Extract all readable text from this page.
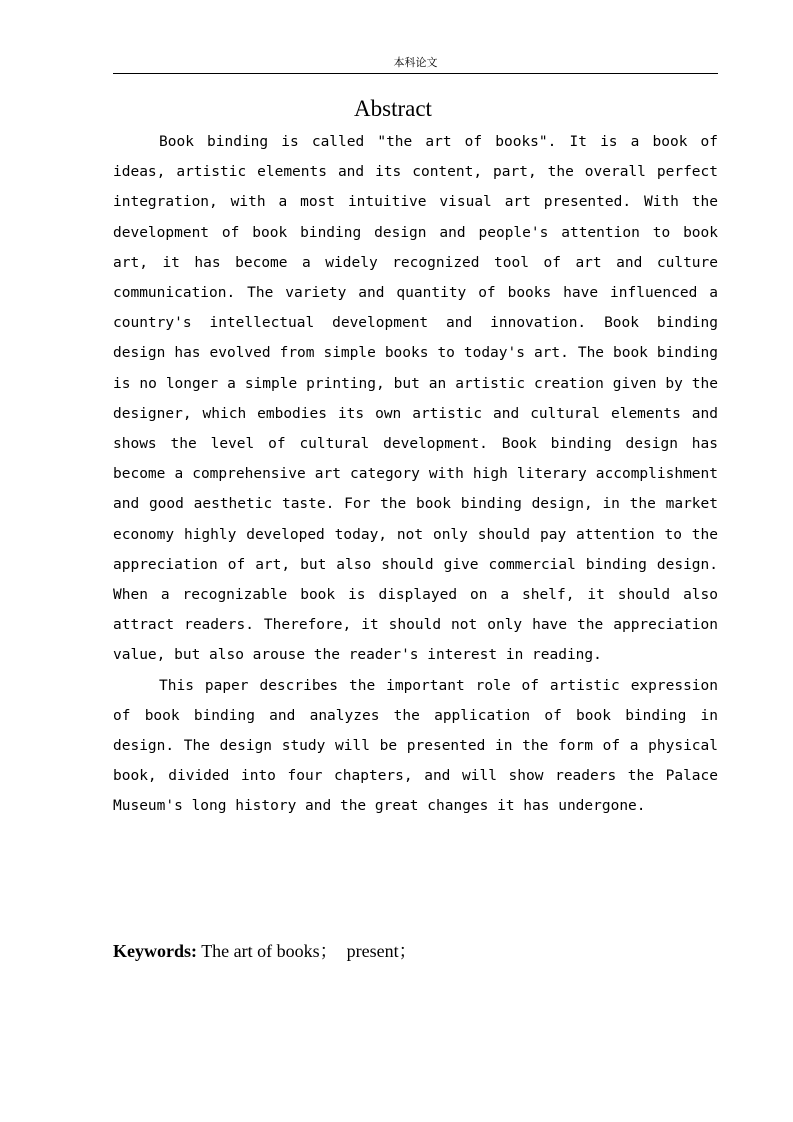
本科论文
Abstract

Book binding is called "the art of books". It is a book of ideas, artistic elements and its content, part, the overall perfect integration, with a most intuitive visual art presented. With the development of book binding design and people's attention to book art, it has become a widely recognized tool of art and culture communication. The variety and quantity of books have influenced a country's intellectual development and innovation. Book binding design has evolved from simple books to today's art. The book binding is no longer a simple printing, but an artistic creation given by the designer, which embodies its own artistic and cultural elements and shows the level of cultural development. Book binding design has become a comprehensive art category with high literary accomplishment and good aesthetic taste. For the book binding design, in the market economy highly developed today, not only should pay attention to the appreciation of art, but also should give commercial binding design. When a recognizable book is displayed on a shelf, it should also attract readers. Therefore, it should not only have the appreciation value, but also arouse the reader's interest in reading.

This paper describes the important role of artistic expression of book binding and analyzes the application of book binding in design. The design study will be presented in the form of a physical book, divided into four chapters, and will show readers the Palace Museum's long history and the great changes it has undergone.

Keywords: The art of books； present；
